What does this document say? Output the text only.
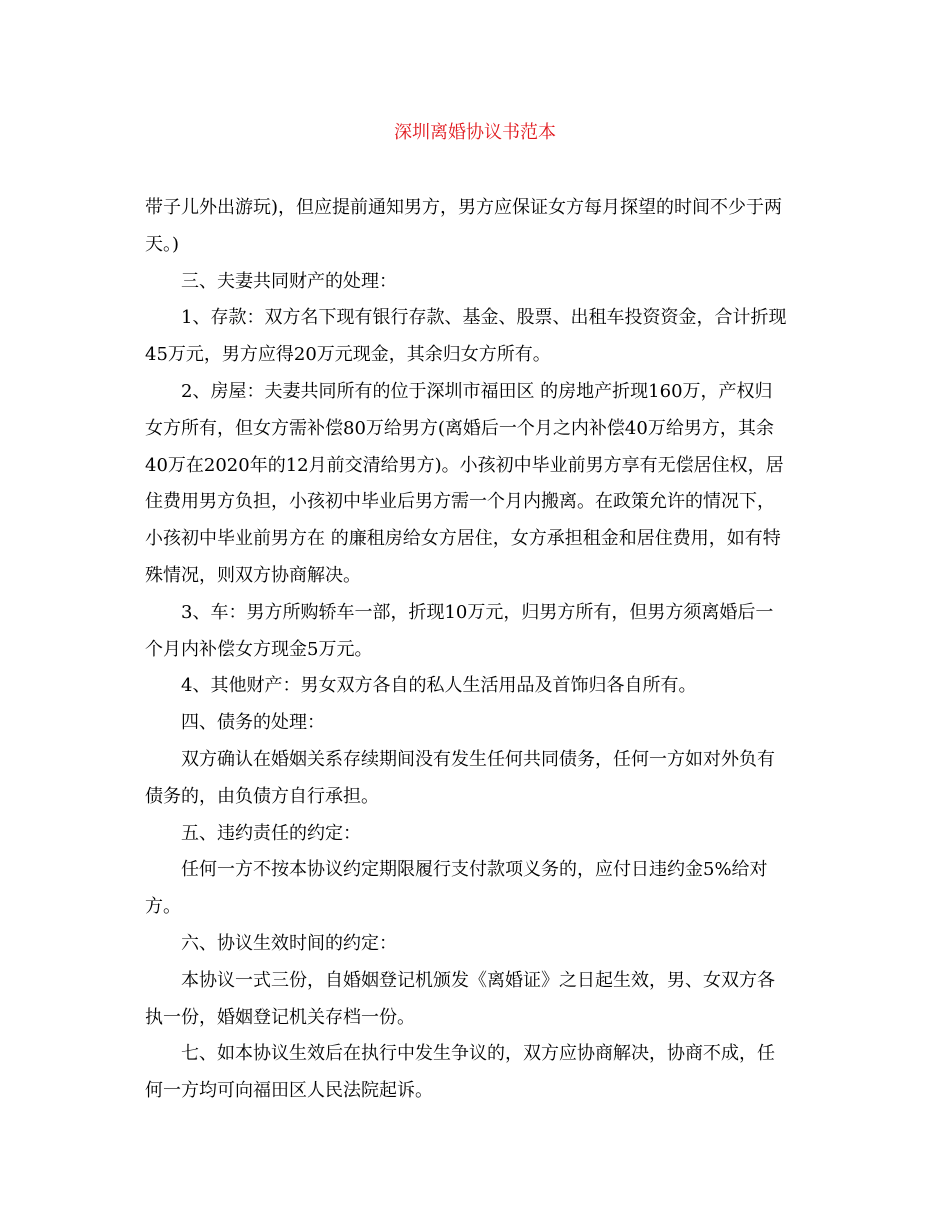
深圳离婚协议书范本

带子儿外出游玩)，但应提前通知男方，男方应保证女方每月探望的时间不少于两

天。)

三、夫妻共同财产的处理：

1、存款：双方名下现有银行存款、基金、股票、出租车投资资金，合计折现

45万元，男方应得20万元现金，其余归女方所有。

2、房屋：夫妻共同所有的位于深圳市福田区 的房地产折现160万，产权归

女方所有，但女方需补偿80万给男方(离婚后一个月之内补偿40万给男方，其余

40万在2020年的12月前交清给男方)。小孩初中毕业前男方享有无偿居住权，居

住费用男方负担，小孩初中毕业后男方需一个月内搬离。在政策允许的情况下，

小孩初中毕业前男方在 的廉租房给女方居住，女方承担租金和居住费用，如有特

殊情况，则双方协商解决。

3、车：男方所购轿车一部，折现10万元，归男方所有，但男方须离婚后一

个月内补偿女方现金5万元。

4、其他财产：男女双方各自的私人生活用品及首饰归各自所有。

四、债务的处理：

双方确认在婚姻关系存续期间没有发生任何共同债务，任何一方如对外负有

债务的，由负债方自行承担。

五、违约责任的约定：

任何一方不按本协议约定期限履行支付款项义务的，应付日违约金5%给对

方。

六、协议生效时间的约定：

本协议一式三份，自婚姻登记机颁发《离婚证》之日起生效，男、女双方各

执一份，婚姻登记机关存档一份。

七、如本协议生效后在执行中发生争议的，双方应协商解决，协商不成，任

何一方均可向福田区人民法院起诉。
